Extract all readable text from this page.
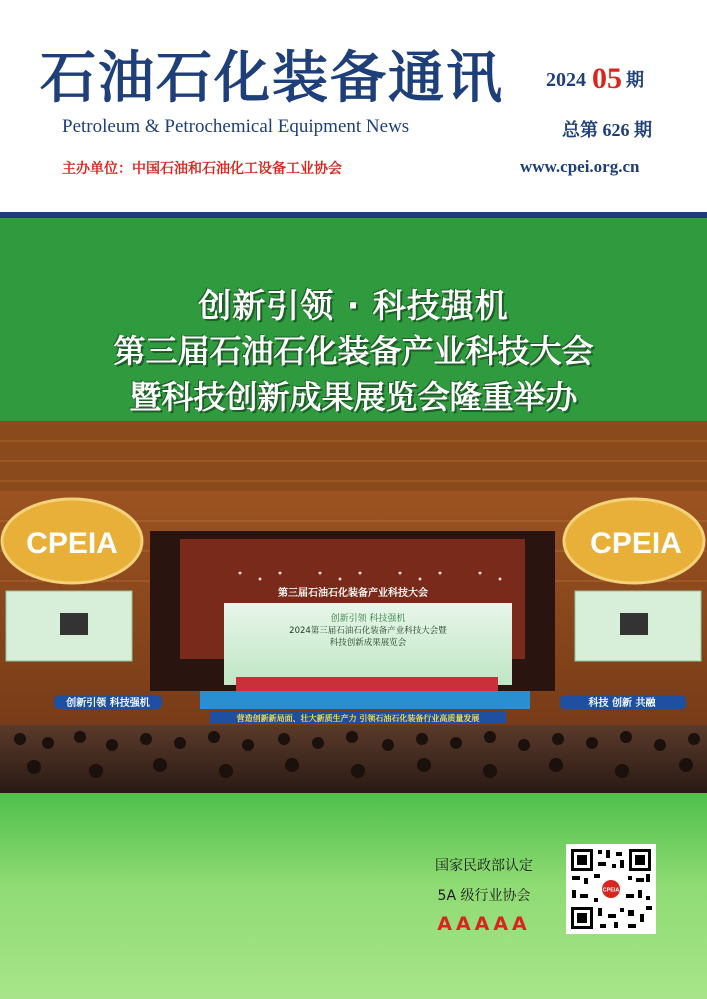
石油石化装备通讯 2024 05 期
Petroleum & Petrochemical Equipment News	总第 626 期
主办单位：中国石油和石油化工设备工业协会	www.cpei.org.cn
创新引领 · 科技强机
第三届石油石化装备产业科技大会
暨科技创新成果展览会隆重举办
CPEIA	CPEIA
第三届石油石化装备产业科技大会
创新引领 科技强机
2024第三届石油石化装备产业科技大会暨
科技创新成果展览会
创新引领 科技强机	科技 创新 共融
营造创新新局面、壮大新质生产力 引领石油石化装备行业高质量发展
国家民政部认定
5A 级行业协会
AAAAA
CPEIA
